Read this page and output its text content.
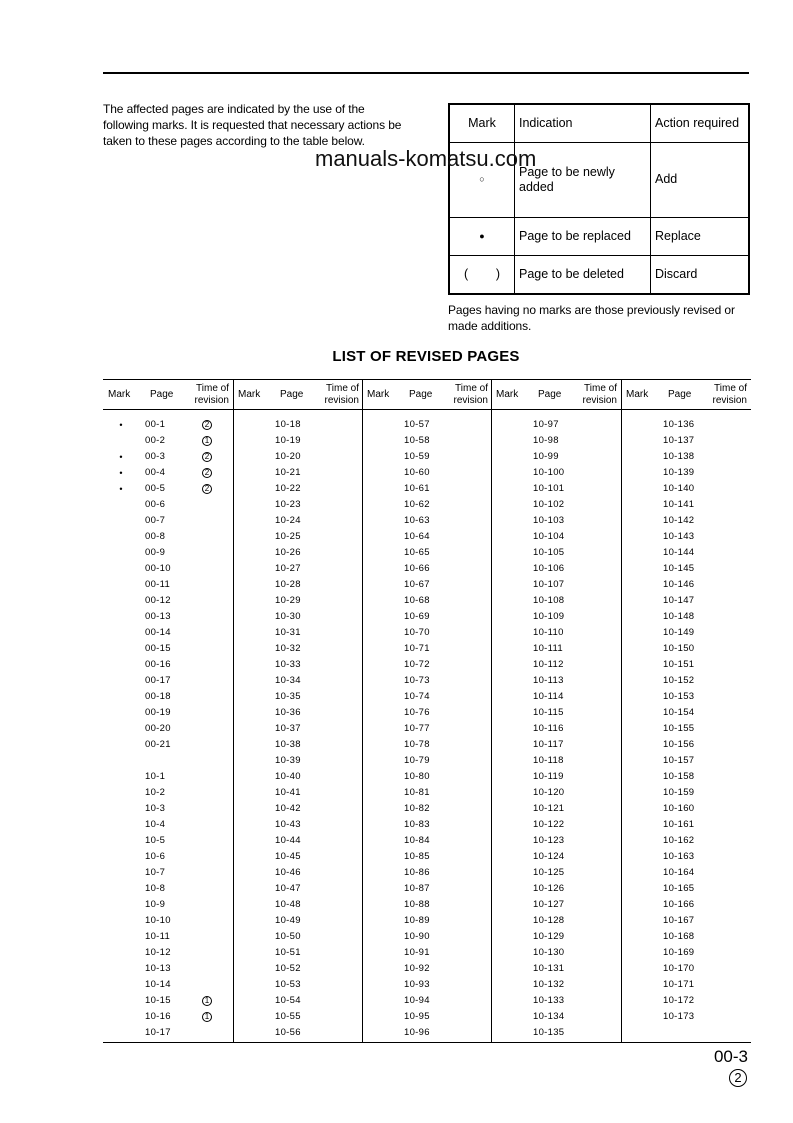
The affected pages are indicated by the use of the following marks. It is requested that necessary actions be taken to these pages according to the table below.

manuals-komatsu.com
Mark	Indication	Action required
○	Page to be newly added	Add
●	Page to be replaced	Replace
(        )	Page to be deleted	Discard

Pages having no marks are those previously revised or made additions.

LIST OF REVISED PAGES
Mark Page
Time of
revision
• 00-1	2
00-2	1
• 00-3	2
• 00-4	2
• 00-5	2
00-6
00-7
00-8
00-9
00-10
00-11
00-12
00-13
00-14
00-15
00-16
00-17
00-18
00-19
00-20
00-21
10-1
10-2
10-3
10-4
10-5
10-6
10-7
10-8
10-9
10-10
10-11
10-12
10-13
10-14
10-15	1
10-16	1
10-17
Mark Page
Time of
revision
10-18
10-19
10-20
10-21
10-22
10-23
10-24
10-25
10-26
10-27
10-28
10-29
10-30
10-31
10-32
10-33
10-34
10-35
10-36
10-37
10-38
10-39
10-40
10-41
10-42
10-43
10-44
10-45
10-46
10-47
10-48
10-49
10-50
10-51
10-52
10-53
10-54
10-55
10-56
Mark Page
Time of
revision
10-57
10-58
10-59
10-60
10-61
10-62
10-63
10-64
10-65
10-66
10-67
10-68
10-69
10-70
10-71
10-72
10-73
10-74
10-76
10-77
10-78
10-79
10-80
10-81
10-82
10-83
10-84
10-85
10-86
10-87
10-88
10-89
10-90
10-91
10-92
10-93
10-94
10-95
10-96
Mark Page
Time of
revision
10-97
10-98
10-99
10-100
10-101
10-102
10-103
10-104
10-105
10-106
10-107
10-108
10-109
10-110
10-111
10-112
10-113
10-114
10-115
10-116
10-117
10-118
10-119
10-120
10-121
10-122
10-123
10-124
10-125
10-126
10-127
10-128
10-129
10-130
10-131
10-132
10-133
10-134
10-135
Mark Page
Time of
revision
10-136
10-137
10-138
10-139
10-140
10-141
10-142
10-143
10-144
10-145
10-146
10-147
10-148
10-149
10-150
10-151
10-152
10-153
10-154
10-155
10-156
10-157
10-158
10-159
10-160
10-161
10-162
10-163
10-164
10-165
10-166
10-167
10-168
10-169
10-170
10-171
10-172
10-173
00-3
2
